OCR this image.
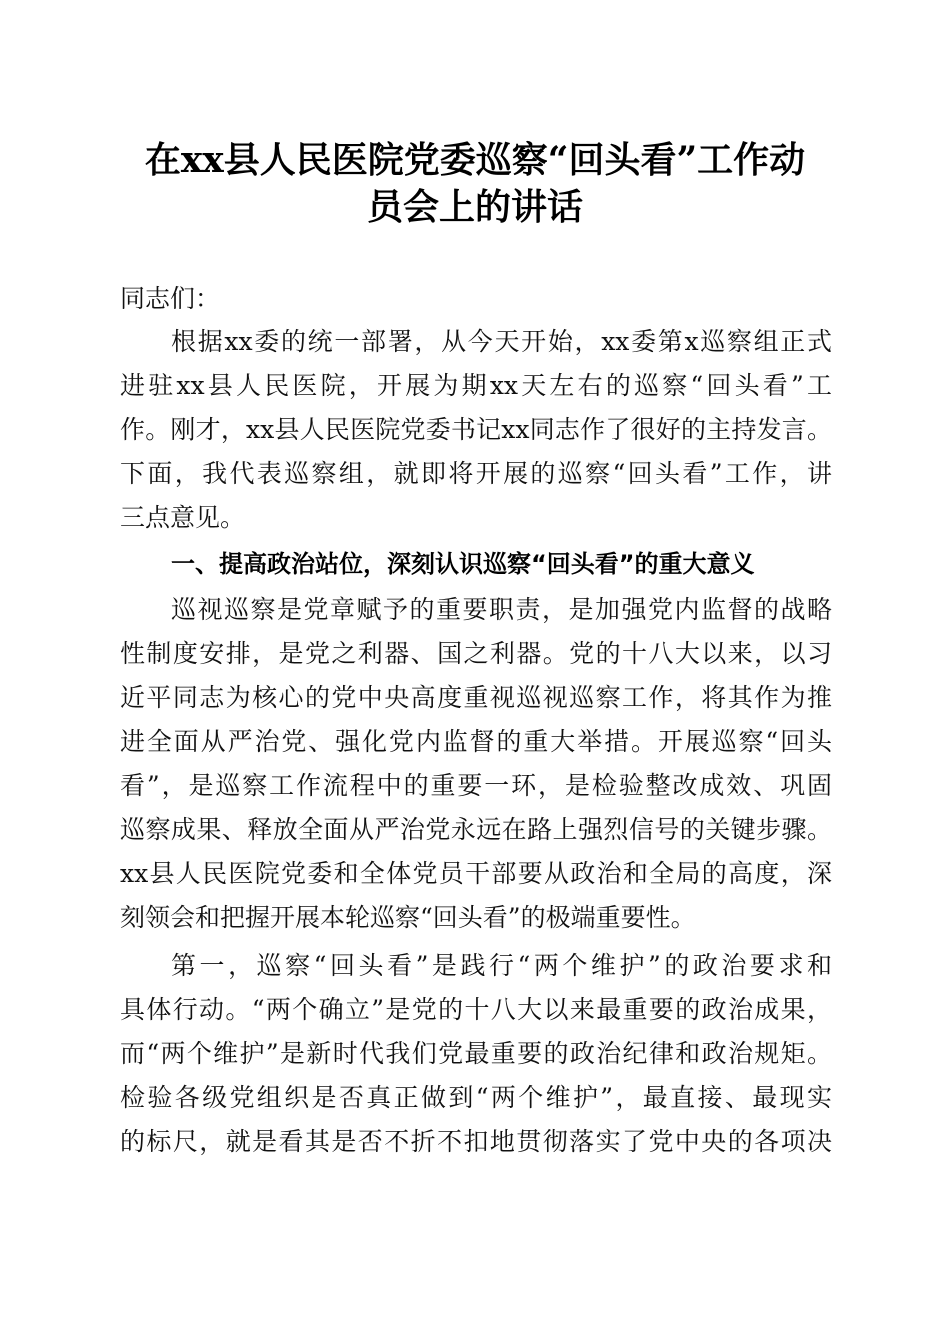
在xx县人民医院党委巡察“回头看”工作动
员会上的讲话
同志们：
根据xx委的统一部署，从今天开始，xx委第x巡察组正式
进驻xx县人民医院，开展为期xx天左右的巡察“回头看”工
作。刚才，xx县人民医院党委书记xx同志作了很好的主持发言。
下面，我代表巡察组，就即将开展的巡察“回头看”工作，讲
三点意见。
一、提高政治站位，深刻认识巡察“回头看”的重大意义
巡视巡察是党章赋予的重要职责，是加强党内监督的战略
性制度安排，是党之利器、国之利器。党的十八大以来，以习
近平同志为核心的党中央高度重视巡视巡察工作，将其作为推
进全面从严治党、强化党内监督的重大举措。开展巡察“回头
看”，是巡察工作流程中的重要一环，是检验整改成效、巩固
巡察成果、释放全面从严治党永远在路上强烈信号的关键步骤。
xx县人民医院党委和全体党员干部要从政治和全局的高度，深
刻领会和把握开展本轮巡察“回头看”的极端重要性。
第一，巡察“回头看”是践行“两个维护”的政治要求和
具体行动。“两个确立”是党的十八大以来最重要的政治成果，
而“两个维护”是新时代我们党最重要的政治纪律和政治规矩。
检验各级党组织是否真正做到“两个维护”，最直接、最现实
的标尺，就是看其是否不折不扣地贯彻落实了党中央的各项决
